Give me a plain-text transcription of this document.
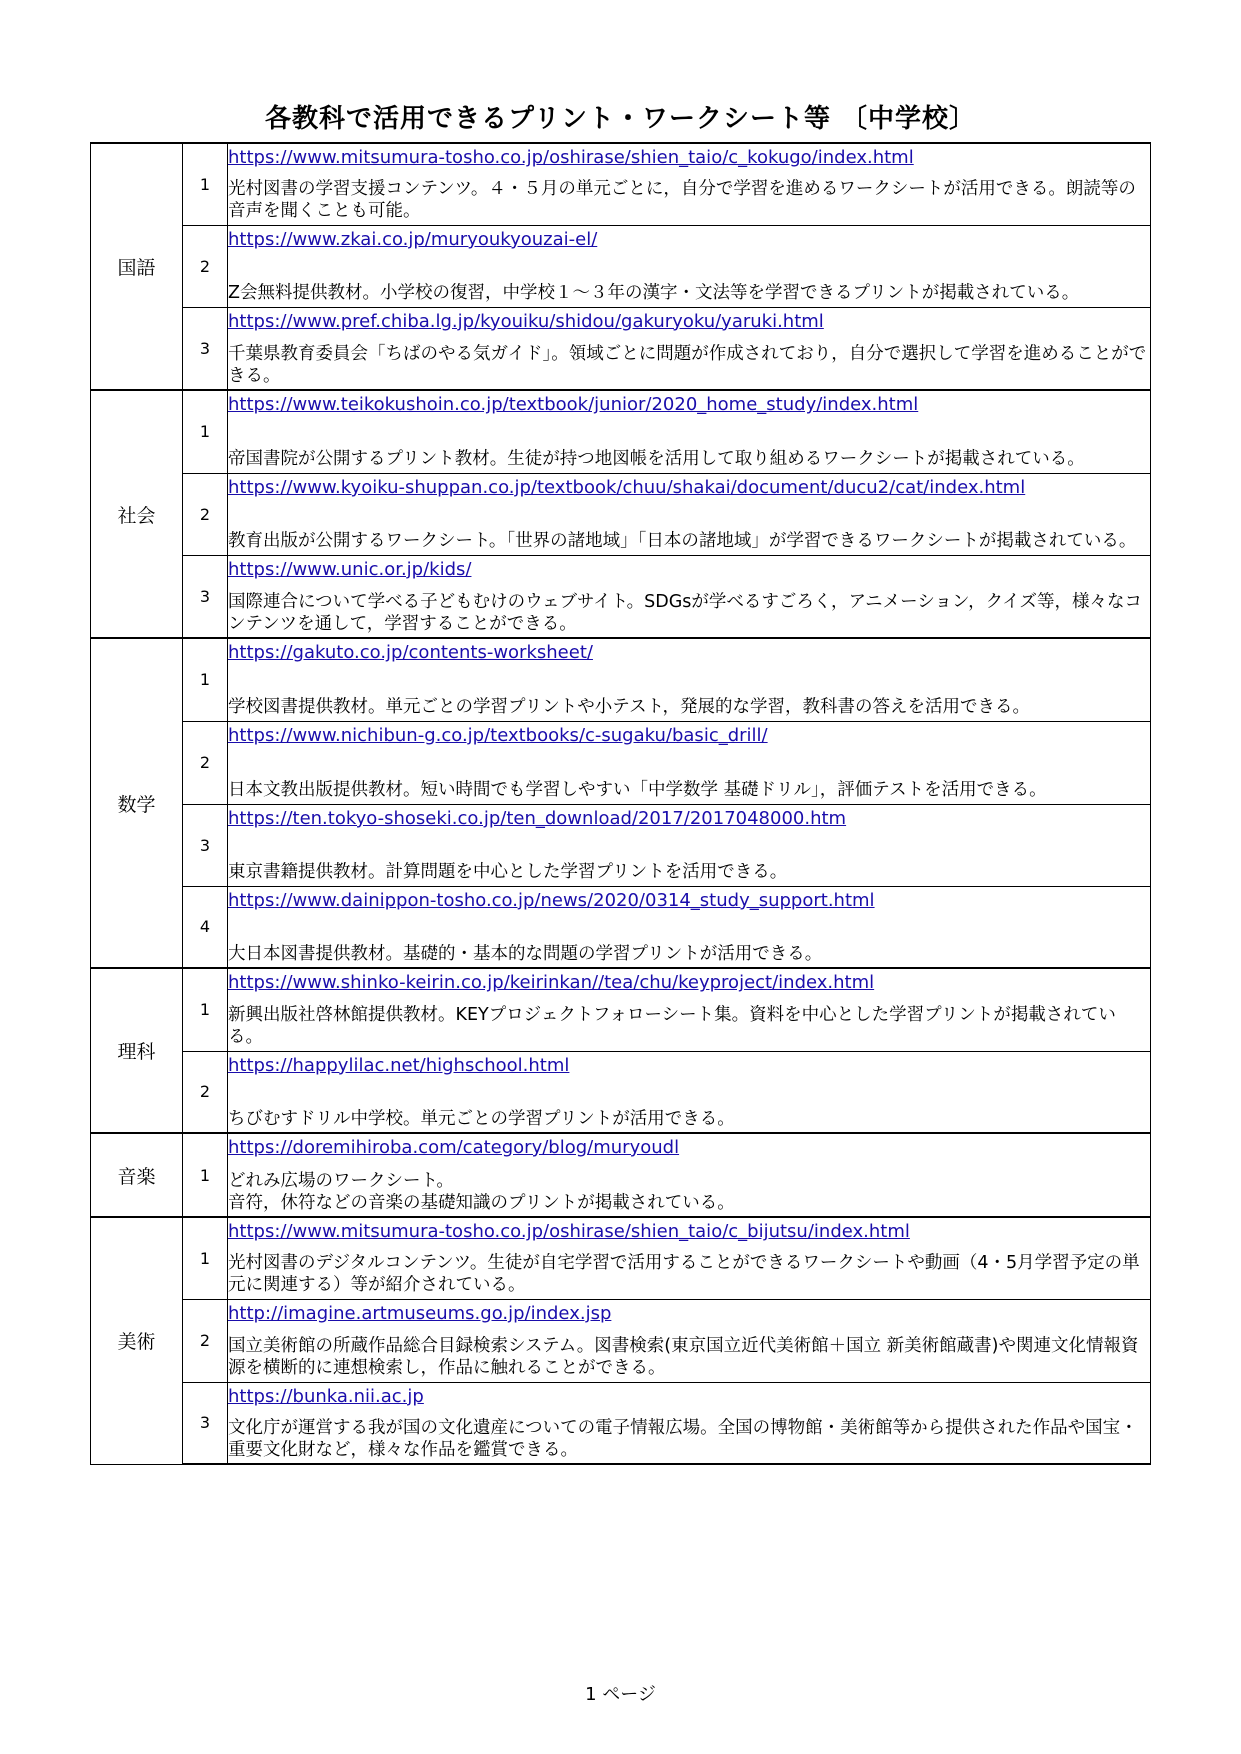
各教科で活用できるプリント・ワークシート等 〔中学校〕
国語	1	https://www.mitsumura-tosho.co.jp/oshirase/shien_taio/c_kokugo/index.html
光村図書の学習支援コンテンツ。４・５月の単元ごとに，自分で学習を進めるワークシートが活用できる。朗読等の音声を聞くことも可能。

	2	https://www.zkai.co.jp/muryoukyouzai-el/
Z会無料提供教材。小学校の復習，中学校１～３年の漢字・文法等を学習できるプリントが掲載されている。

	3	https://www.pref.chiba.lg.jp/kyouiku/shidou/gakuryoku/yaruki.html
千葉県教育委員会「ちばのやる気ガイド」。領域ごとに問題が作成されており，自分で選択して学習を進めることができる。

社会	1	https://www.teikokushoin.co.jp/textbook/junior/2020_home_study/index.html
帝国書院が公開するプリント教材。生徒が持つ地図帳を活用して取り組めるワークシートが掲載されている。

	2	https://www.kyoiku-shuppan.co.jp/textbook/chuu/shakai/document/ducu2/cat/index.html
教育出版が公開するワークシート。「世界の諸地域」「日本の諸地域」が学習できるワークシートが掲載されている。

	3	https://www.unic.or.jp/kids/
国際連合について学べる子どもむけのウェブサイト。SDGsが学べるすごろく，アニメーション，クイズ等，様々なコンテンツを通して，学習することができる。

数学	1	https://gakuto.co.jp/contents-worksheet/
学校図書提供教材。単元ごとの学習プリントや小テスト，発展的な学習，教科書の答えを活用できる。

	2	https://www.nichibun-g.co.jp/textbooks/c-sugaku/basic_drill/
日本文教出版提供教材。短い時間でも学習しやすい「中学数学 基礎ドリル」，評価テストを活用できる。

	3	https://ten.tokyo-shoseki.co.jp/ten_download/2017/2017048000.htm
東京書籍提供教材。計算問題を中心とした学習プリントを活用できる。

	4	https://www.dainippon-tosho.co.jp/news/2020/0314_study_support.html
大日本図書提供教材。基礎的・基本的な問題の学習プリントが活用できる。

理科	1	https://www.shinko-keirin.co.jp/keirinkan//tea/chu/keyproject/index.html
新興出版社啓林館提供教材。KEYプロジェクトフォローシート集。資料を中心とした学習プリントが掲載されている。

	2	https://happylilac.net/highschool.html
ちびむすドリル中学校。単元ごとの学習プリントが活用できる。

音楽	1	https://doremihiroba.com/category/blog/muryoudl
どれみ広場のワークシート。
音符，休符などの音楽の基礎知識のプリントが掲載されている。

美術	1	https://www.mitsumura-tosho.co.jp/oshirase/shien_taio/c_bijutsu/index.html
光村図書のデジタルコンテンツ。生徒が自宅学習で活用することができるワークシートや動画（4・5月学習予定の単元に関連する）等が紹介されている。

	2	http://imagine.artmuseums.go.jp/index.jsp
国立美術館の所蔵作品総合目録検索システム。図書検索(東京国立近代美術館＋国立 新美術館蔵書)や関連文化情報資源を横断的に連想検索し，作品に触れることができる。

	3	https://bunka.nii.ac.jp
文化庁が運営する我が国の文化遺産についての電子情報広場。全国の博物館・美術館等から提供された作品や国宝・重要文化財など，様々な作品を鑑賞できる。
1 ページ
